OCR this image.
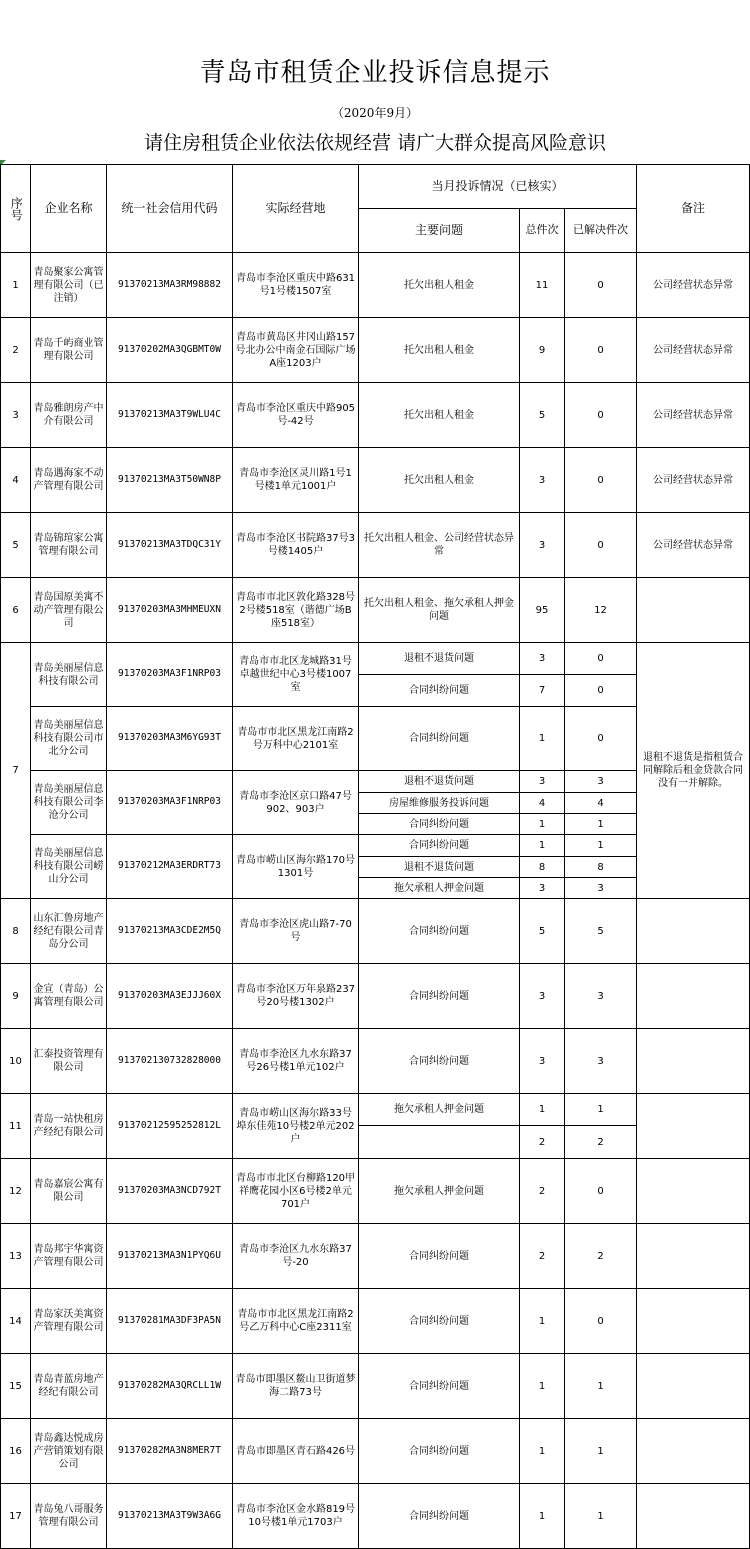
青岛市租赁企业投诉信息提示
（2020年9月）
请住房租赁企业依法依规经营 请广大群众提高风险意识
序号	企业名称	统一社会信用代码	实际经营地	当月投诉情况（已核实）			备注
				主要问题	总件次	已解决件次	
1	青岛聚家公寓管理有限公司（已注销）	91370213MA3RM98882	青岛市李沧区重庆中路631号1号楼1507室	托欠出租人租金	11	0	公司经营状态异常
2	青岛千屿商业管理有限公司	91370202MA3QGBMT0W	青岛市黄岛区井冈山路157号北办公中南金石国际广场A座1203户	托欠出租人租金	9	0	公司经营状态异常
3	青岛雅朗房产中介有限公司	91370213MA3T9WLU4C	青岛市李沧区重庆中路905号-42号	托欠出租人租金	5	0	公司经营状态异常
4	青岛遇海家不动产管理有限公司	91370213MA3T50WN8P	青岛市李沧区灵川路1号1号楼1单元1001户	托欠出租人租金	3	0	公司经营状态异常
5	青岛锦瑄家公寓管理有限公司	91370213MA3TDQC31Y	青岛市李沧区书院路37号3号楼1405户	托欠出租人租金、公司经营状态异常	3	0	公司经营状态异常
6	青岛国原美寓不动产管理有限公司	91370203MA3MHMEUXN	青岛市市北区敦化路328号2号楼518室（谐德广场B座518室）	托欠出租人租金、拖欠承租人押金问题	95	12	
7	青岛美丽屋信息科技有限公司	91370203MA3F1NRP03	青岛市市北区龙城路31号卓越世纪中心3号楼1007室	退租不退货问题	3	0	退租不退货是指租赁合同解除后租金贷款合同没有一并解除。
				合同纠纷问题	7	0	
	青岛美丽屋信息科技有限公司市北分公司	91370203MA3M6YG93T	青岛市市北区黑龙江南路2号万科中心2101室	合同纠纷问题	1	0	
	青岛美丽屋信息科技有限公司李沧分公司	91370203MA3F1NRP03	青岛市李沧区京口路47号902、903户	退租不退货问题	3	3	
				房屋维修服务投诉问题	4	4	
				合同纠纷问题	1	1	
	青岛美丽屋信息科技有限公司崂山分公司	91370212MA3ERDRT73	青岛市崂山区海尔路170号1301号	合同纠纷问题	1	1	
				退租不退货问题	8	8	
				拖欠承租人押金问题	3	3	
8	山东汇鲁房地产经纪有限公司青岛分公司	91370213MA3CDE2M5Q	青岛市李沧区虎山路7-70号	合同纠纷问题	5	5	
9	金宣（青岛）公寓管理有限公司	91370203MA3EJJJ60X	青岛市李沧区万年泉路237号20号楼1302户	合同纠纷问题	3	3	
10	汇泰投资管理有限公司	913702130732828000	青岛市李沧区九水东路37号26号楼1单元102户	合同纠纷问题	3	3	
11	青岛一站快租房产经纪有限公司	91370212595252812L	青岛市崂山区海尔路33号埠东佳苑10号楼2单元202户	拖欠承租人押金问题	1	1	
					2	2	
12	青岛嘉宸公寓有限公司	91370203MA3NCD792T	青岛市市北区台柳路120甲祥鹰花园小区6号楼2单元701户	拖欠承租人押金问题	2	0	
13	青岛邦宇华寓资产管理有限公司	91370213MA3N1PYQ6U	青岛市李沧区九水东路37号-20	合同纠纷问题	2	2	
14	青岛家沃美寓资产管理有限公司	91370281MA3DF3PA5N	青岛市市北区黑龙江南路2号乙万科中心C座2311室	合同纠纷问题	1	0	
15	青岛青蓝房地产经纪有限公司	91370282MA3QRCLL1W	青岛市即墨区鳌山卫街道梦海二路73号	合同纠纷问题	1	1	
16	青岛鑫达悦成房产营销策划有限公司	91370282MA3N8MER7T	青岛市即墨区青石路426号	合同纠纷问题	1	1	
17	青岛兔八哥服务管理有限公司	91370213MA3T9W3A6G	青岛市李沧区金水路819号10号楼1单元1703户	合同纠纷问题	1	1	
